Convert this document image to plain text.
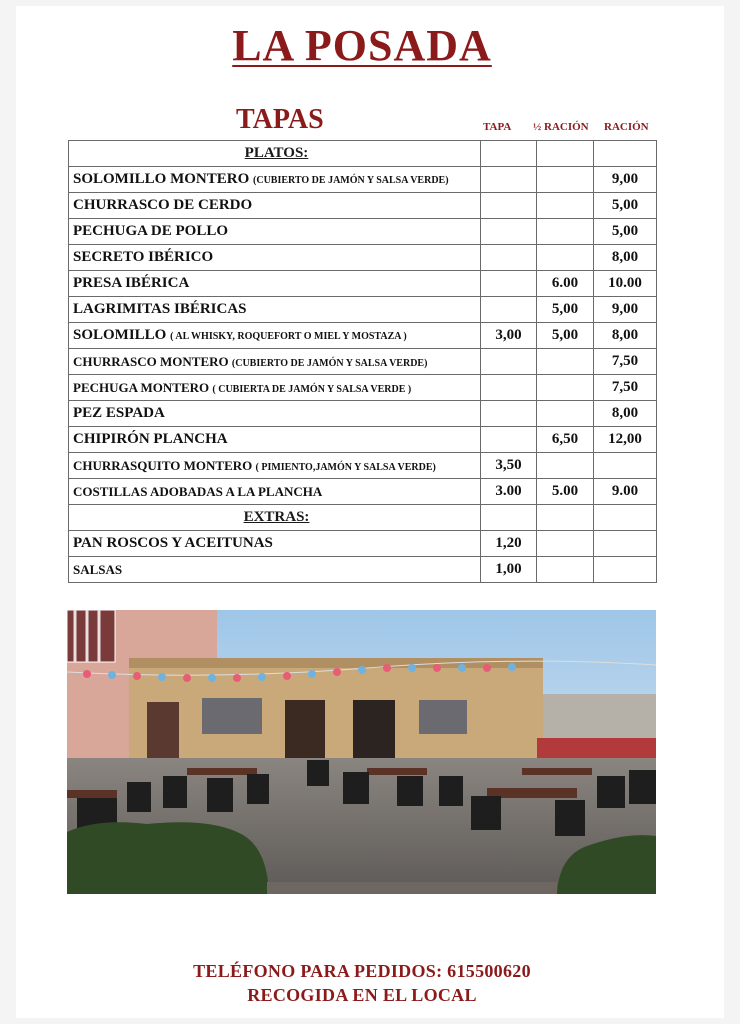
LA POSADA
TAPAS	TAPA ½ RACIÓN RACIÓN
PLATOS:			
SOLOMILLO MONTERO (CUBIERTO DE JAMÓN Y SALSA VERDE)			9,00
CHURRASCO DE CERDO			5,00
PECHUGA DE POLLO			5,00
SECRETO IBÉRICO			8,00
PRESA IBÉRICA		6.00	10.00
LAGRIMITAS IBÉRICAS		5,00	9,00
SOLOMILLO ( AL WHISKY, ROQUEFORT O MIEL Y MOSTAZA )	3,00	5,00	8,00
CHURRASCO MONTERO (CUBIERTO DE JAMÓN Y SALSA VERDE)			7,50
PECHUGA MONTERO ( CUBIERTA DE JAMÓN Y SALSA VERDE )			7,50
PEZ ESPADA			8,00
CHIPIRÓN PLANCHA		6,50	12,00
CHURRASQUITO MONTERO ( PIMIENTO,JAMÓN Y SALSA VERDE)	3,50		
COSTILLAS ADOBADAS A LA PLANCHA	3.00	5.00	9.00
EXTRAS:			
PAN ROSCOS Y ACEITUNAS	1,20		
SALSAS	1,00		
TELÉFONO PARA PEDIDOS: 615500620
RECOGIDA EN EL LOCAL
